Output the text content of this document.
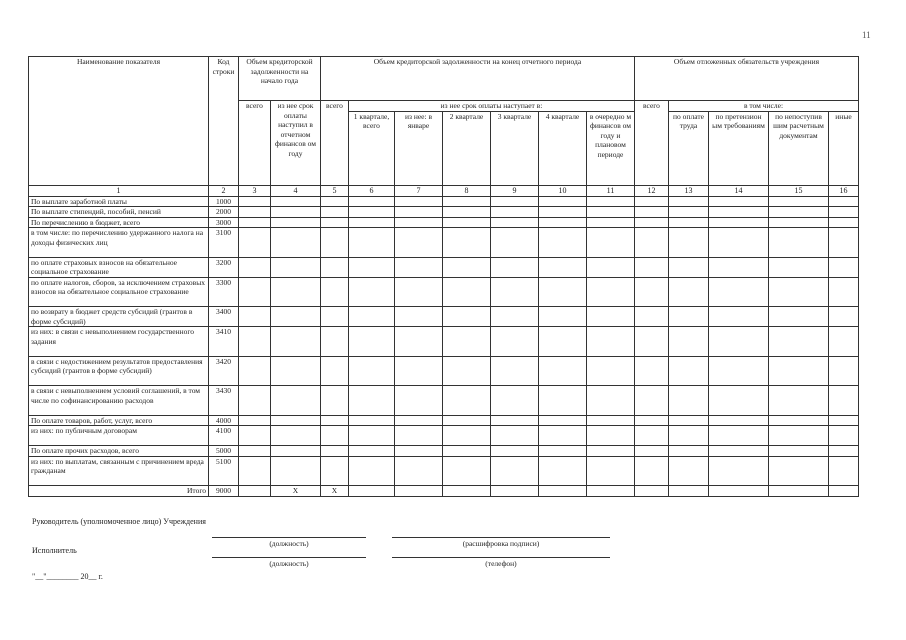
11
Наименование показателя	Код строки	Объем кредиторской задолженности на начало года		Объем кредиторской задолженности на конец отчетного периода							Объем отложенных обязательств учреждения				
		всего	из нее срок оплаты наступил в отчетном финансов ом году	всего	из нее срок оплаты наступает в:						всего	в том числе:			
					1 квартале, всего	из нее: в январе	2 квартале	3 квартале	4 квартале	в очередно м финансов ом году и плановом периоде		по оплате труда	по претензион ым требованиям	по непоступив шим расчетным документам	иные
1	2	3	4	5	6	7	8	9	10	11	12	13	14	15	16
По выплате заработной платы	1000														
По выплате стипендий, пособий, пенсий	2000														
По перечислению в бюджет, всего	3000														
в том числе: по перечислению удержанного налога на доходы физических лиц	3100														
по оплате страховых взносов на обязательное социальное страхование	3200														
по оплате налогов, сборов, за исключением страховых взносов на обязательное социальное страхование	3300														
по возврату в бюджет средств субсидий (грантов в форме субсидий)	3400														
из них: в связи с невыполнением государственного задания	3410														
в связи с недостижением результатов предоставления субсидий (грантов в форме субсидий)	3420														
в связи с невыполнением условий соглашений, в том числе по софинансированию расходов	3430														
По оплате товаров, работ, услуг, всего	4000														
из них: по публичным договорам	4100														
По оплате прочих расходов, всего	5000														
из них: по выплатам, связанным с причинением вреда гражданам	5100														
Итого	9000		X	X											
Руководитель (уполномоченное лицо) Учреждения
(должность)	(расшифровка подписи)
Исполнитель
(должность)	(телефон)
"__"________ 20__ г.
